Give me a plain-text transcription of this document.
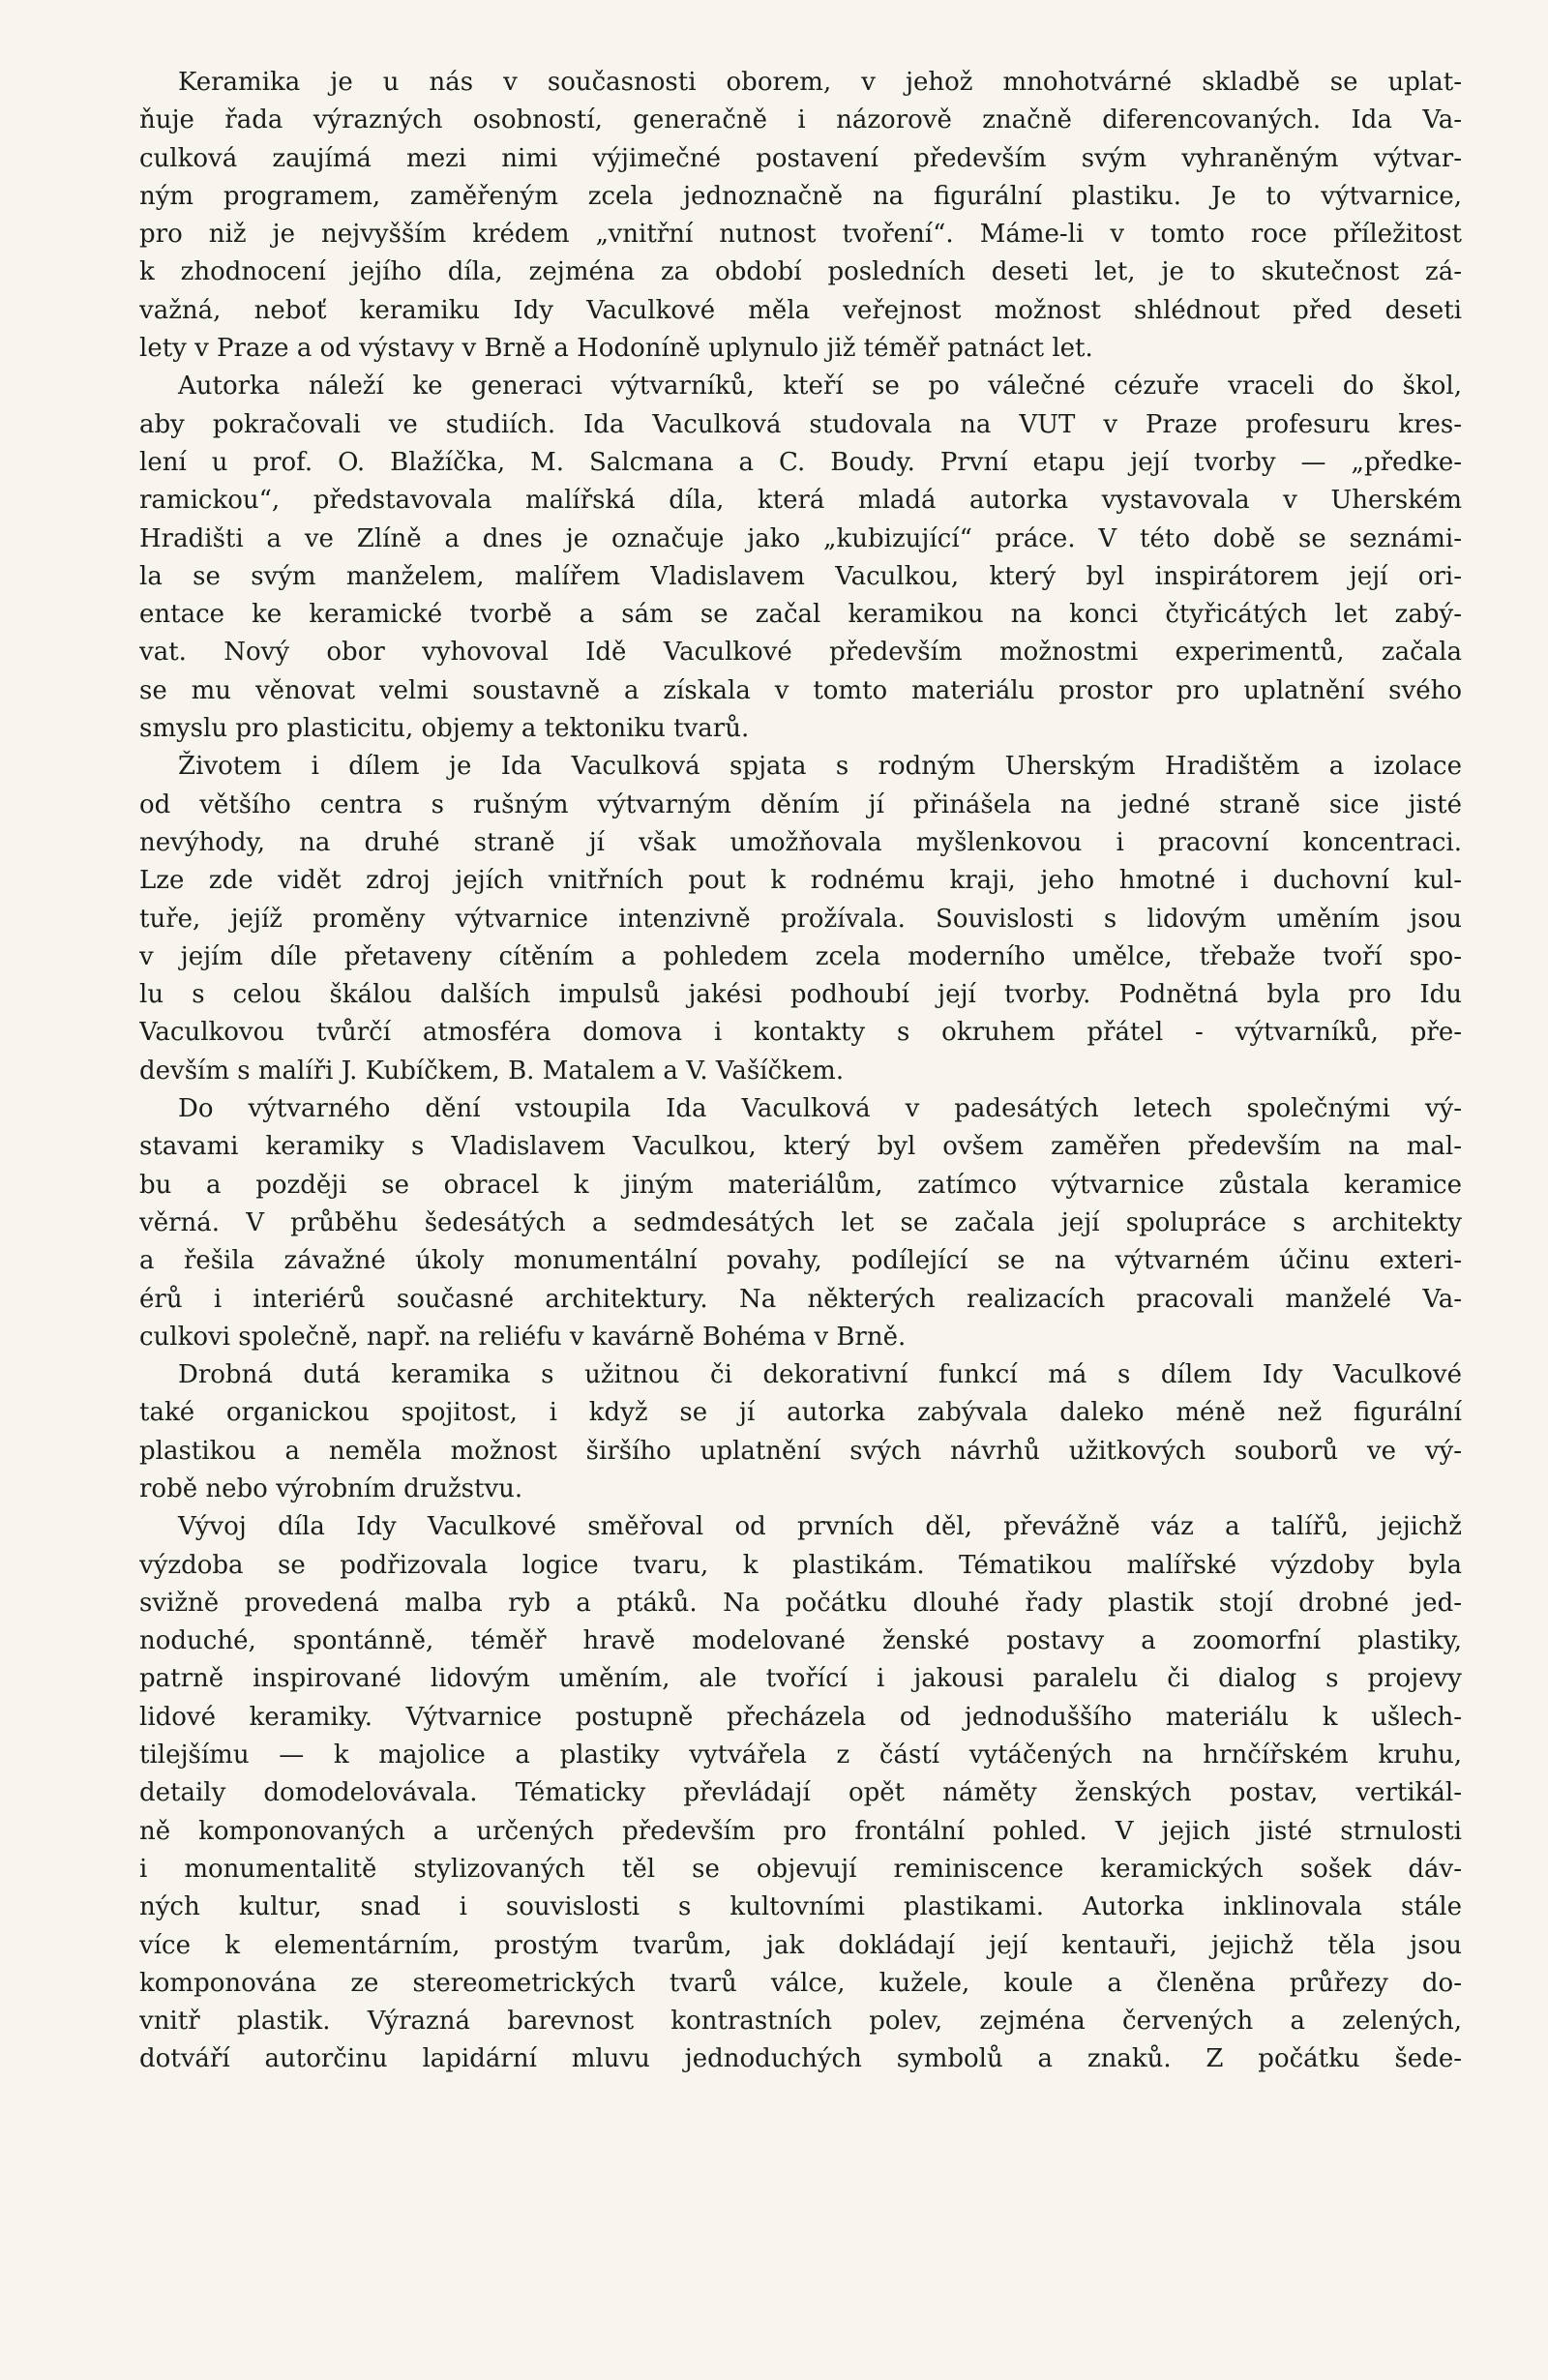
Keramika je u nás v současnosti oborem, v jehož mnohotvárné skladbě se uplat-
ňuje řada výrazných osobností, generačně i názorově značně diferencovaných. Ida Va-
culková zaujímá mezi nimi výjimečné postavení především svým vyhraněným výtvar-
ným programem, zaměřeným zcela jednoznačně na figurální plastiku. Je to výtvarnice,
pro niž je nejvyšším krédem „vnitřní nutnost tvoření“. Máme-li v tomto roce příležitost
k zhodnocení jejího díla, zejména za období posledních deseti let, je to skutečnost zá-
važná, neboť keramiku Idy Vaculkové měla veřejnost možnost shlédnout před deseti
lety v Praze a od výstavy v Brně a Hodoníně uplynulo již téměř patnáct let.
Autorka náleží ke generaci výtvarníků, kteří se po válečné cézuře vraceli do škol,
aby pokračovali ve studiích. Ida Vaculková studovala na VUT v Praze profesuru kres-
lení u prof. O. Blažíčka, M. Salcmana a C. Boudy. První etapu její tvorby — „předke-
ramickou“, představovala malířská díla, která mladá autorka vystavovala v Uherském
Hradišti a ve Zlíně a dnes je označuje jako „kubizující“ práce. V této době se seznámi-
la se svým manželem, malířem Vladislavem Vaculkou, který byl inspirátorem její ori-
entace ke keramické tvorbě a sám se začal keramikou na konci čtyřicátých let zabý-
vat. Nový obor vyhovoval Idě Vaculkové především možnostmi experimentů, začala
se mu věnovat velmi soustavně a získala v tomto materiálu prostor pro uplatnění svého
smyslu pro plasticitu, objemy a tektoniku tvarů.
Životem i dílem je Ida Vaculková spjata s rodným Uherským Hradištěm a izolace
od většího centra s rušným výtvarným děním jí přinášela na jedné straně sice jisté
nevýhody, na druhé straně jí však umožňovala myšlenkovou i pracovní koncentraci.
Lze zde vidět zdroj jejích vnitřních pout k rodnému kraji, jeho hmotné i duchovní kul-
tuře, jejíž proměny výtvarnice intenzivně prožívala. Souvislosti s lidovým uměním jsou
v jejím díle přetaveny cítěním a pohledem zcela moderního umělce, třebaže tvoří spo-
lu s celou škálou dalších impulsů jakési podhoubí její tvorby. Podnětná byla pro Idu
Vaculkovou tvůrčí atmosféra domova i kontakty s okruhem přátel - výtvarníků, pře-
devším s malíři J. Kubíčkem, B. Matalem a V. Vašíčkem.
Do výtvarného dění vstoupila Ida Vaculková v padesátých letech společnými vý-
stavami keramiky s Vladislavem Vaculkou, který byl ovšem zaměřen především na mal-
bu a později se obracel k jiným materiálům, zatímco výtvarnice zůstala keramice
věrná. V průběhu šedesátých a sedmdesátých let se začala její spolupráce s architekty
a řešila závažné úkoly monumentální povahy, podílející se na výtvarném účinu exteri-
érů i interiérů současné architektury. Na některých realizacích pracovali manželé Va-
culkovi společně, např. na reliéfu v kavárně Bohéma v Brně.
Drobná dutá keramika s užitnou či dekorativní funkcí má s dílem Idy Vaculkové
také organickou spojitost, i když se jí autorka zabývala daleko méně než figurální
plastikou a neměla možnost širšího uplatnění svých návrhů užitkových souborů ve vý-
robě nebo výrobním družstvu.
Vývoj díla Idy Vaculkové směřoval od prvních děl, převážně váz a talířů, jejichž
výzdoba se podřizovala logice tvaru, k plastikám. Tématikou malířské výzdoby byla
svižně provedená malba ryb a ptáků. Na počátku dlouhé řady plastik stojí drobné jed-
noduché, spontánně, téměř hravě modelované ženské postavy a zoomorfní plastiky,
patrně inspirované lidovým uměním, ale tvořící i jakousi paralelu či dialog s projevy
lidové keramiky. Výtvarnice postupně přecházela od jednoduššího materiálu k ušlech-
tilejšímu — k majolice a plastiky vytvářela z částí vytáčených na hrnčířském kruhu,
detaily domodelovávala. Tématicky převládají opět náměty ženských postav, vertikál-
ně komponovaných a určených především pro frontální pohled. V jejich jisté strnulosti
i monumentalitě stylizovaných těl se objevují reminiscence keramických sošek dáv-
ných kultur, snad i souvislosti s kultovními plastikami. Autorka inklinovala stále
více k elementárním, prostým tvarům, jak dokládají její kentauři, jejichž těla jsou
komponována ze stereometrických tvarů válce, kužele, koule a členěna průřezy do-
vnitř plastik. Výrazná barevnost kontrastních polev, zejména červených a zelených,
dotváří autorčinu lapidární mluvu jednoduchých symbolů a znaků. Z počátku šede-
